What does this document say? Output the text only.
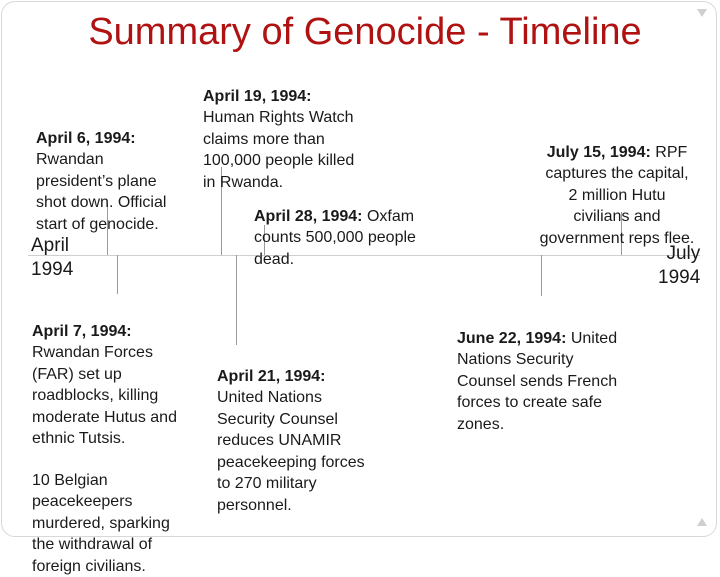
Summary of Genocide - Timeline
April
1994
July
1994

April 6, 1994:
Rwandan
president’s plane
shot down. Official
start of genocide.

April 19, 1994:
Human Rights Watch
claims more than
100,000 people killed
in Rwanda.

April 28, 1994: Oxfam
counts 500,000 people
dead.

July 15, 1994: RPF
captures the capital,
2 million Hutu
civilians and
government reps flee.

April 7, 1994:
Rwandan Forces
(FAR) set up
roadblocks, killing
moderate Hutus and
ethnic Tutsis.

10 Belgian
peacekeepers
murdered, sparking
the withdrawal of
foreign civilians.

April 21, 1994:
United Nations
Security Counsel
reduces UNAMIR
peacekeeping forces
to 270 military
personnel.

June 22, 1994: United
Nations Security
Counsel sends French
forces to create safe
zones.
